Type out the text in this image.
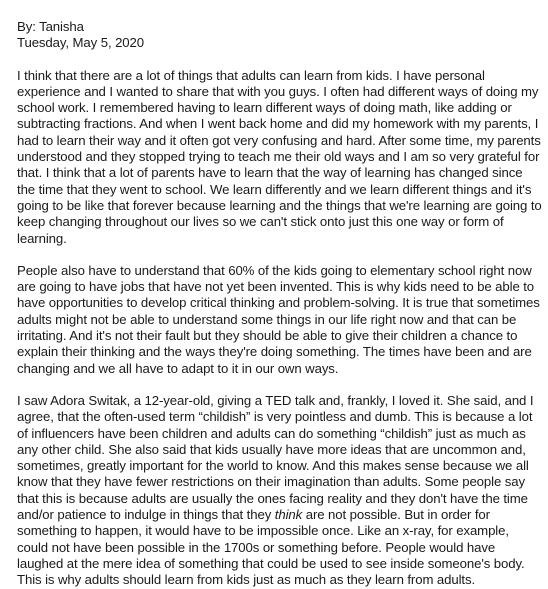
By: Tanisha
Tuesday, May 5, 2020

I think that there are a lot of things that adults can learn from kids. I have personal experience and I wanted to share that with you guys. I often had different ways of doing my school work. I remembered having to learn different ways of doing math, like adding or subtracting fractions. And when I went back home and did my homework with my parents, I had to learn their way and it often got very confusing and hard. After some time, my parents understood and they stopped trying to teach me their old ways and I am so very grateful for that. I think that a lot of parents have to learn that the way of learning has changed since the time that they went to school. We learn differently and we learn different things and it's going to be like that forever because learning and the things that we're learning are going to keep changing throughout our lives so we can't stick onto just this one way or form of learning.

People also have to understand that 60% of the kids going to elementary school right now are going to have jobs that have not yet been invented. This is why kids need to be able to have opportunities to develop critical thinking and problem-solving. It is true that sometimes adults might not be able to understand some things in our life right now and that can be irritating. And it's not their fault but they should be able to give their children a chance to explain their thinking and the ways they're doing something. The times have been and are changing and we all have to adapt to it in our own ways.

I saw Adora Switak, a 12-year-old, giving a TED talk and, frankly, I loved it. She said, and I agree, that the often-used term “childish” is very pointless and dumb. This is because a lot of influencers have been children and adults can do something “childish” just as much as any other child. She also said that kids usually have more ideas that are uncommon and, sometimes, greatly important for the world to know. And this makes sense because we all know that they have fewer restrictions on their imagination than adults. Some people say that this is because adults are usually the ones facing reality and they don't have the time and/or patience to indulge in things that they think are not possible. But in order for something to happen, it would have to be impossible once. Like an x-ray, for example, could not have been possible in the 1700s or something before. People would have laughed at the mere idea of something that could be used to see inside someone's body. This is why adults should learn from kids just as much as they learn from adults.
